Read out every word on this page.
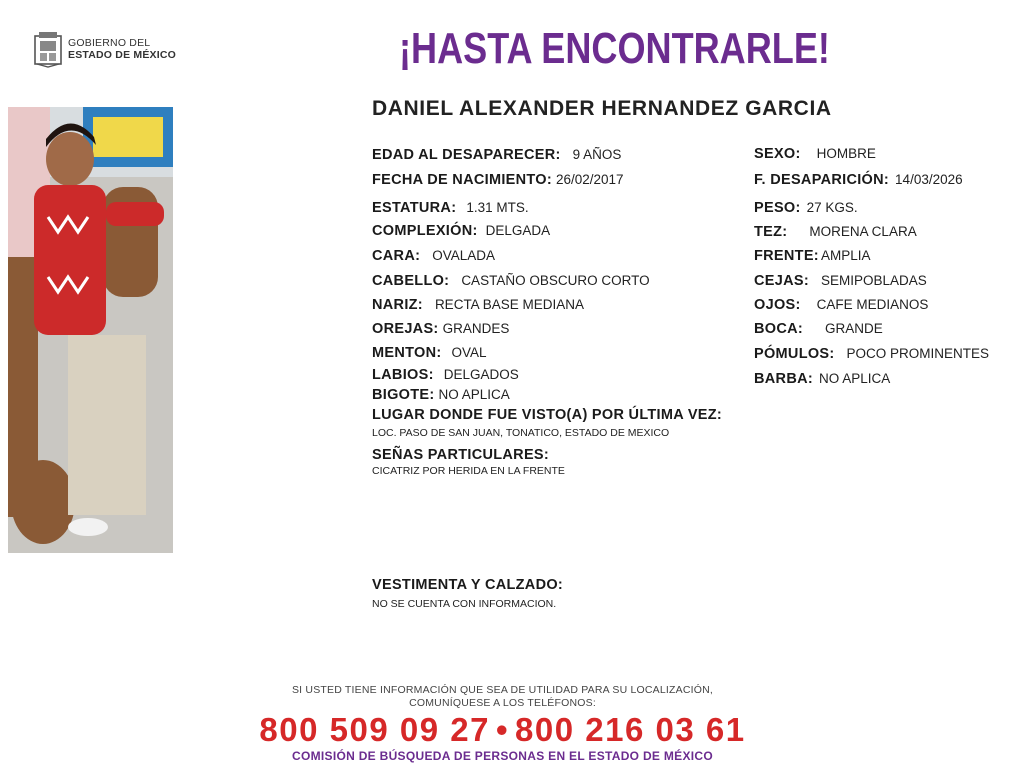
GOBIERNO DEL
ESTADO DE MÉXICO	¡HASTA ENCONTRARLE!
DANIEL ALEXANDER HERNANDEZ GARCIA
EDAD AL DESAPARECER: 9 AÑOS
FECHA DE NACIMIENTO: 26/02/2017
ESTATURA: 1.31 MTS.
COMPLEXIÓN: DELGADA
CARA: OVALADA
CABELLO: CASTAÑO OBSCURO CORTO
NARIZ: RECTA BASE MEDIANA
OREJAS: GRANDES
MENTON: OVAL
LABIOS: DELGADOS
BIGOTE: NO APLICA
SEXO: HOMBRE
F. DESAPARICIÓN: 14/03/2026
PESO: 27 KGS.
TEZ: MORENA CLARA
FRENTE: AMPLIA
CEJAS: SEMIPOBLADAS
OJOS: CAFE MEDIANOS
BOCA: GRANDE
PÓMULOS: POCO PROMINENTES
BARBA: NO APLICA
LUGAR DONDE FUE VISTO(A) POR ÚLTIMA VEZ:
LOC. PASO DE SAN JUAN, TONATICO, ESTADO DE MEXICO
SEÑAS PARTICULARES:
CICATRIZ POR HERIDA EN LA FRENTE
VESTIMENTA Y CALZADO:
NO SE CUENTA CON INFORMACION.
SI USTED TIENE INFORMACIÓN QUE SEA DE UTILIDAD PARA SU LOCALIZACIÓN,
COMUNÍQUESE A LOS TELÉFONOS:
800 509 09 27 • 800 216 03 61
COMISIÓN DE BÚSQUEDA DE PERSONAS EN EL ESTADO DE MÉXICO
